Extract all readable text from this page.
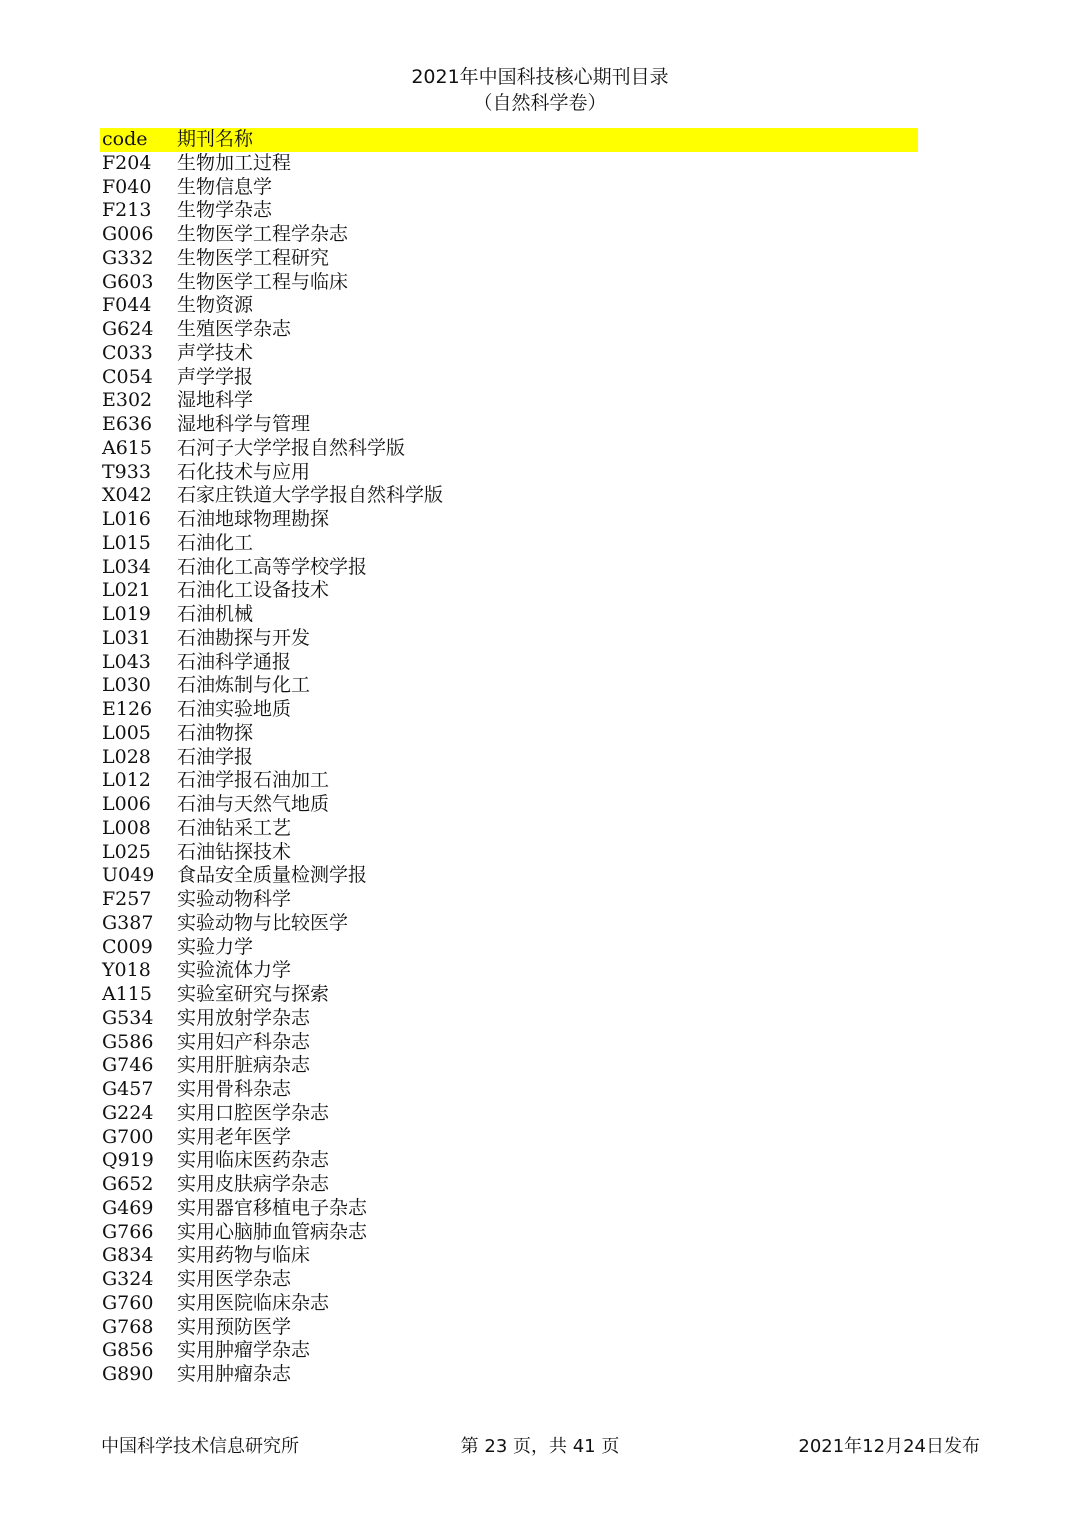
2021年中国科技核心期刊目录
（自然科学卷）
code	期刊名称
F204	生物加工过程
F040	生物信息学
F213	生物学杂志
G006	生物医学工程学杂志
G332	生物医学工程研究
G603	生物医学工程与临床
F044	生物资源
G624	生殖医学杂志
C033	声学技术
C054	声学学报
E302	湿地科学
E636	湿地科学与管理
A615	石河子大学学报自然科学版
T933	石化技术与应用
X042	石家庄铁道大学学报自然科学版
L016	石油地球物理勘探
L015	石油化工
L034	石油化工高等学校学报
L021	石油化工设备技术
L019	石油机械
L031	石油勘探与开发
L043	石油科学通报
L030	石油炼制与化工
E126	石油实验地质
L005	石油物探
L028	石油学报
L012	石油学报石油加工
L006	石油与天然气地质
L008	石油钻采工艺
L025	石油钻探技术
U049	食品安全质量检测学报
F257	实验动物科学
G387	实验动物与比较医学
C009	实验力学
Y018	实验流体力学
A115	实验室研究与探索
G534	实用放射学杂志
G586	实用妇产科杂志
G746	实用肝脏病杂志
G457	实用骨科杂志
G224	实用口腔医学杂志
G700	实用老年医学
Q919	实用临床医药杂志
G652	实用皮肤病学杂志
G469	实用器官移植电子杂志
G766	实用心脑肺血管病杂志
G834	实用药物与临床
G324	实用医学杂志
G760	实用医院临床杂志
G768	实用预防医学
G856	实用肿瘤学杂志
G890	实用肿瘤杂志
中国科学技术信息研究所	第 23 页，共 41 页	2021年12月24日发布
